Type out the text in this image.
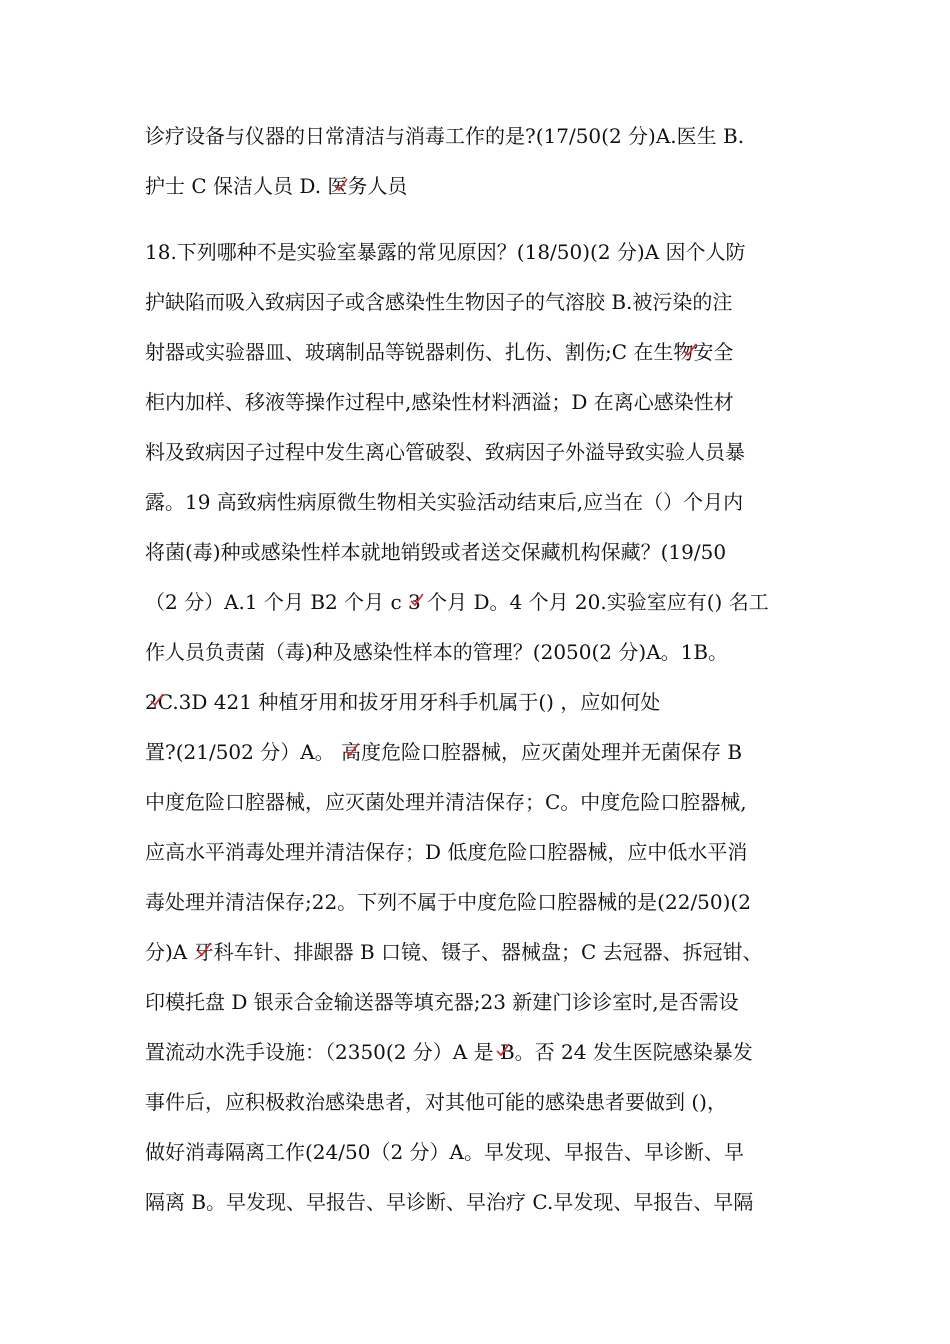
诊疗设备与仪器的日常清洁与消毒工作的是?(17/50(2 分)A.医生 B.
护士 C 保洁人员 D. 医务人员
18.下列哪种不是实验室暴露的常见原因？(18/50)(2 分)A 因个人防
护缺陷而吸入致病因子或含感染性生物因子的气溶胶 B.被污染的注
射器或实验器皿、玻璃制品等锐器刺伤、扎伤、割伤;C 在生物安全
柜内加样、移液等操作过程中,感染性材料洒溢；D 在离心感染性材
料及致病因子过程中发生离心管破裂、致病因子外溢导致实验人员暴
露。19 高致病性病原微生物相关实验活动结束后,应当在（）个月内
将菌(毒)种或感染性样本就地销毁或者送交保藏机构保藏？(19/50
（2 分）A.1 个月 B2 个月 c 3 个月 D。4 个月 20.实验室应有() 名工
作人员负责菌（毒)种及感染性样本的管理？(2050(2 分)A。1B。
2C.3D 421 种植牙用和拔牙用牙科手机属于() ，应如何处
置?(21/502 分）A。 高度危险口腔器械，应灭菌处理并无菌保存 B
中度危险口腔器械，应灭菌处理并清洁保存；C。中度危险口腔器械,
应高水平消毒处理并清洁保存；D 低度危险口腔器械，应中低水平消
毒处理并清洁保存;22。下列不属于中度危险口腔器械的是(22/50)(2
分)A 牙科车针、排龈器 B 口镜、镊子、器械盘；C 去冠器、拆冠钳、
印模托盘 D 银汞合金输送器等填充器;23 新建门诊诊室时,是否需设
置流动水洗手设施：（2350(2 分）A 是 B。否 24 发生医院感染暴发
事件后，应积极救治感染患者，对其他可能的感染患者要做到 ()，
做好消毒隔离工作(24/50（2 分）A。早发现、早报告、早诊断、早
隔离 B。早发现、早报告、早诊断、早治疗 C.早发现、早报告、早隔
